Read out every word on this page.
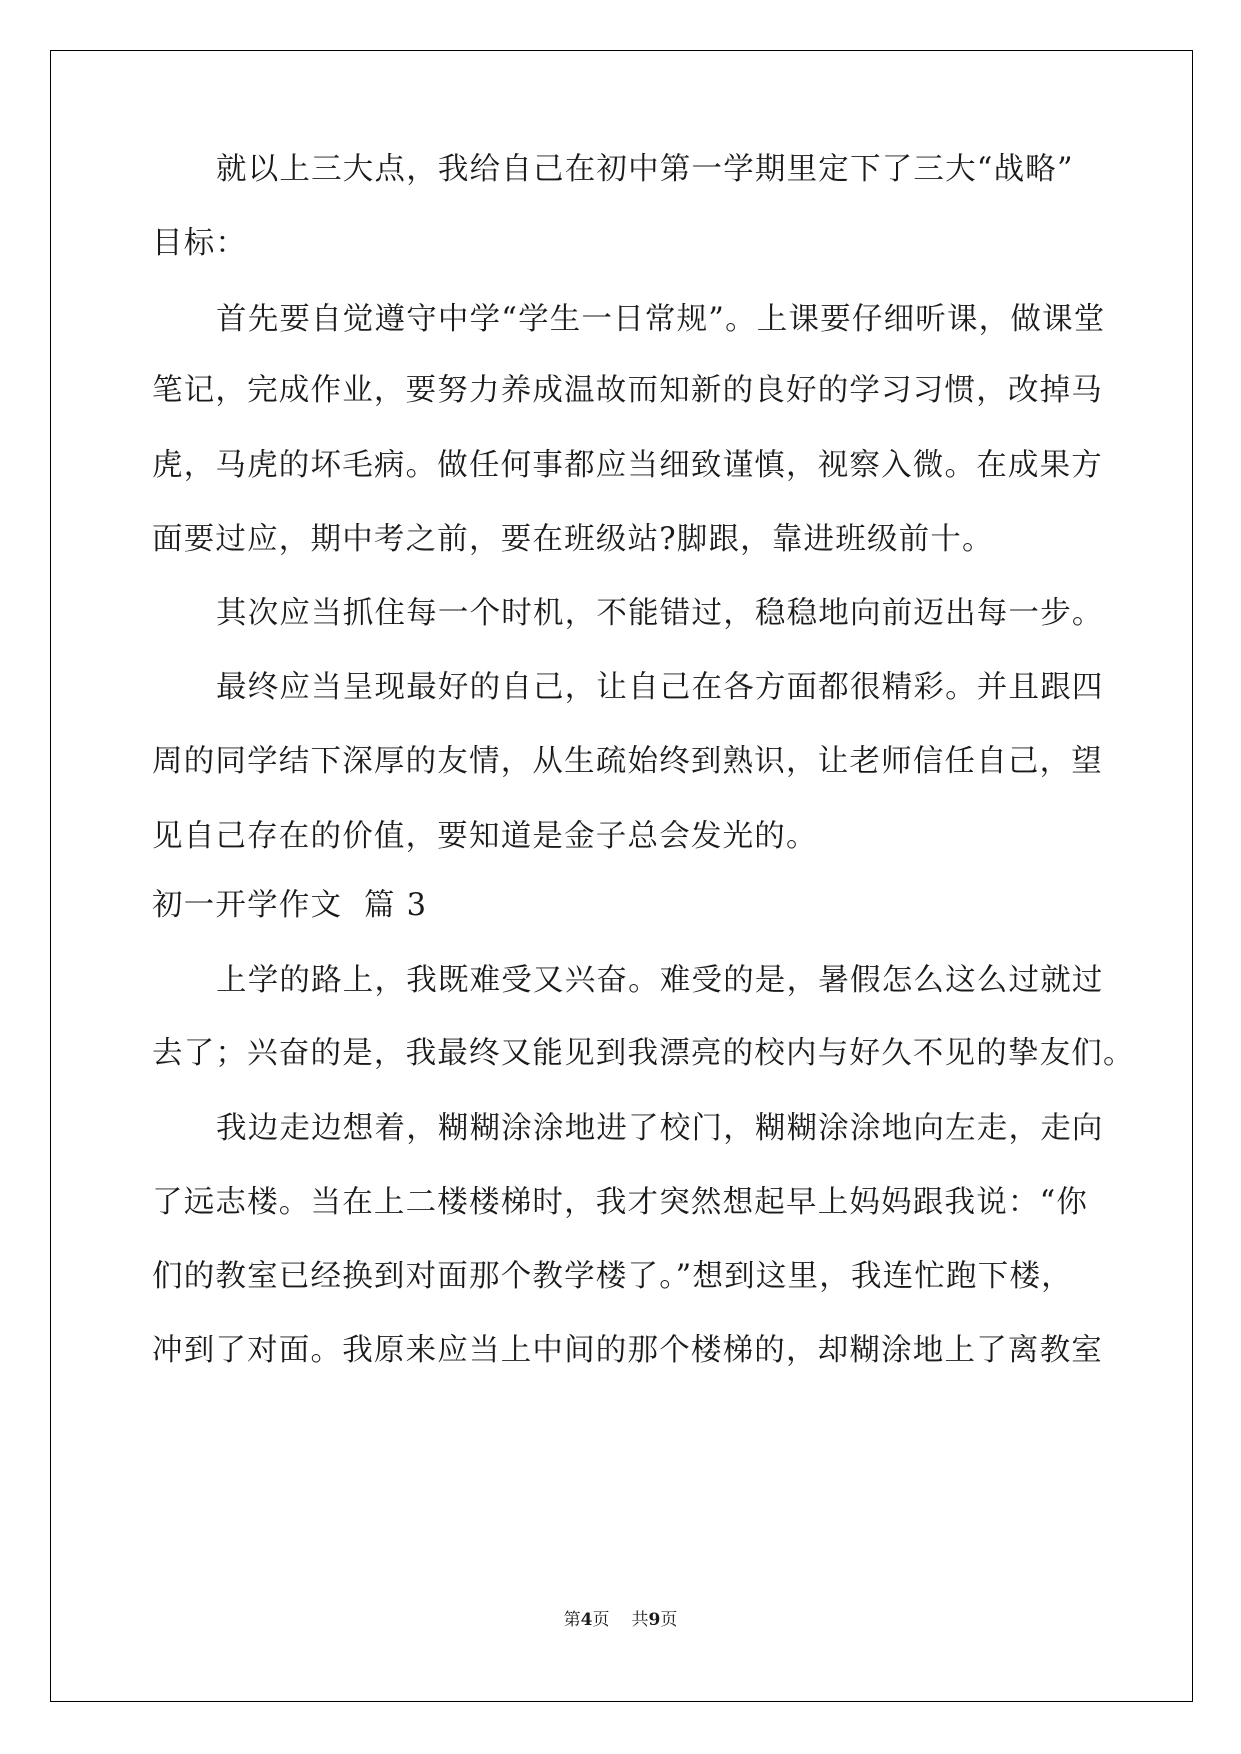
就以上三大点，我给自己在初中第一学期里定下了三大“战略”
目标：
首先要自觉遵守中学“学生一日常规”。上课要仔细听课，做课堂
笔记，完成作业，要努力养成温故而知新的良好的学习习惯，改掉马
虎，马虎的坏毛病。做任何事都应当细致谨慎，视察入微。在成果方
面要过应，期中考之前，要在班级站?脚跟，靠进班级前十。
其次应当抓住每一个时机，不能错过，稳稳地向前迈出每一步。
最终应当呈现最好的自己，让自己在各方面都很精彩。并且跟四
周的同学结下深厚的友情，从生疏始终到熟识，让老师信任自己，望
见自己存在的价值，要知道是金子总会发光的。
初一开学作文  篇 3
上学的路上，我既难受又兴奋。难受的是，暑假怎么这么过就过
去了；兴奋的是，我最终又能见到我漂亮的校内与好久不见的挚友们。
我边走边想着，糊糊涂涂地进了校门，糊糊涂涂地向左走，走向
了远志楼。当在上二楼楼梯时，我才突然想起早上妈妈跟我说：“你
们的教室已经换到对面那个教学楼了。”想到这里，我连忙跑下楼，
冲到了对面。我原来应当上中间的那个楼梯的，却糊涂地上了离教室
第4页 共9页
